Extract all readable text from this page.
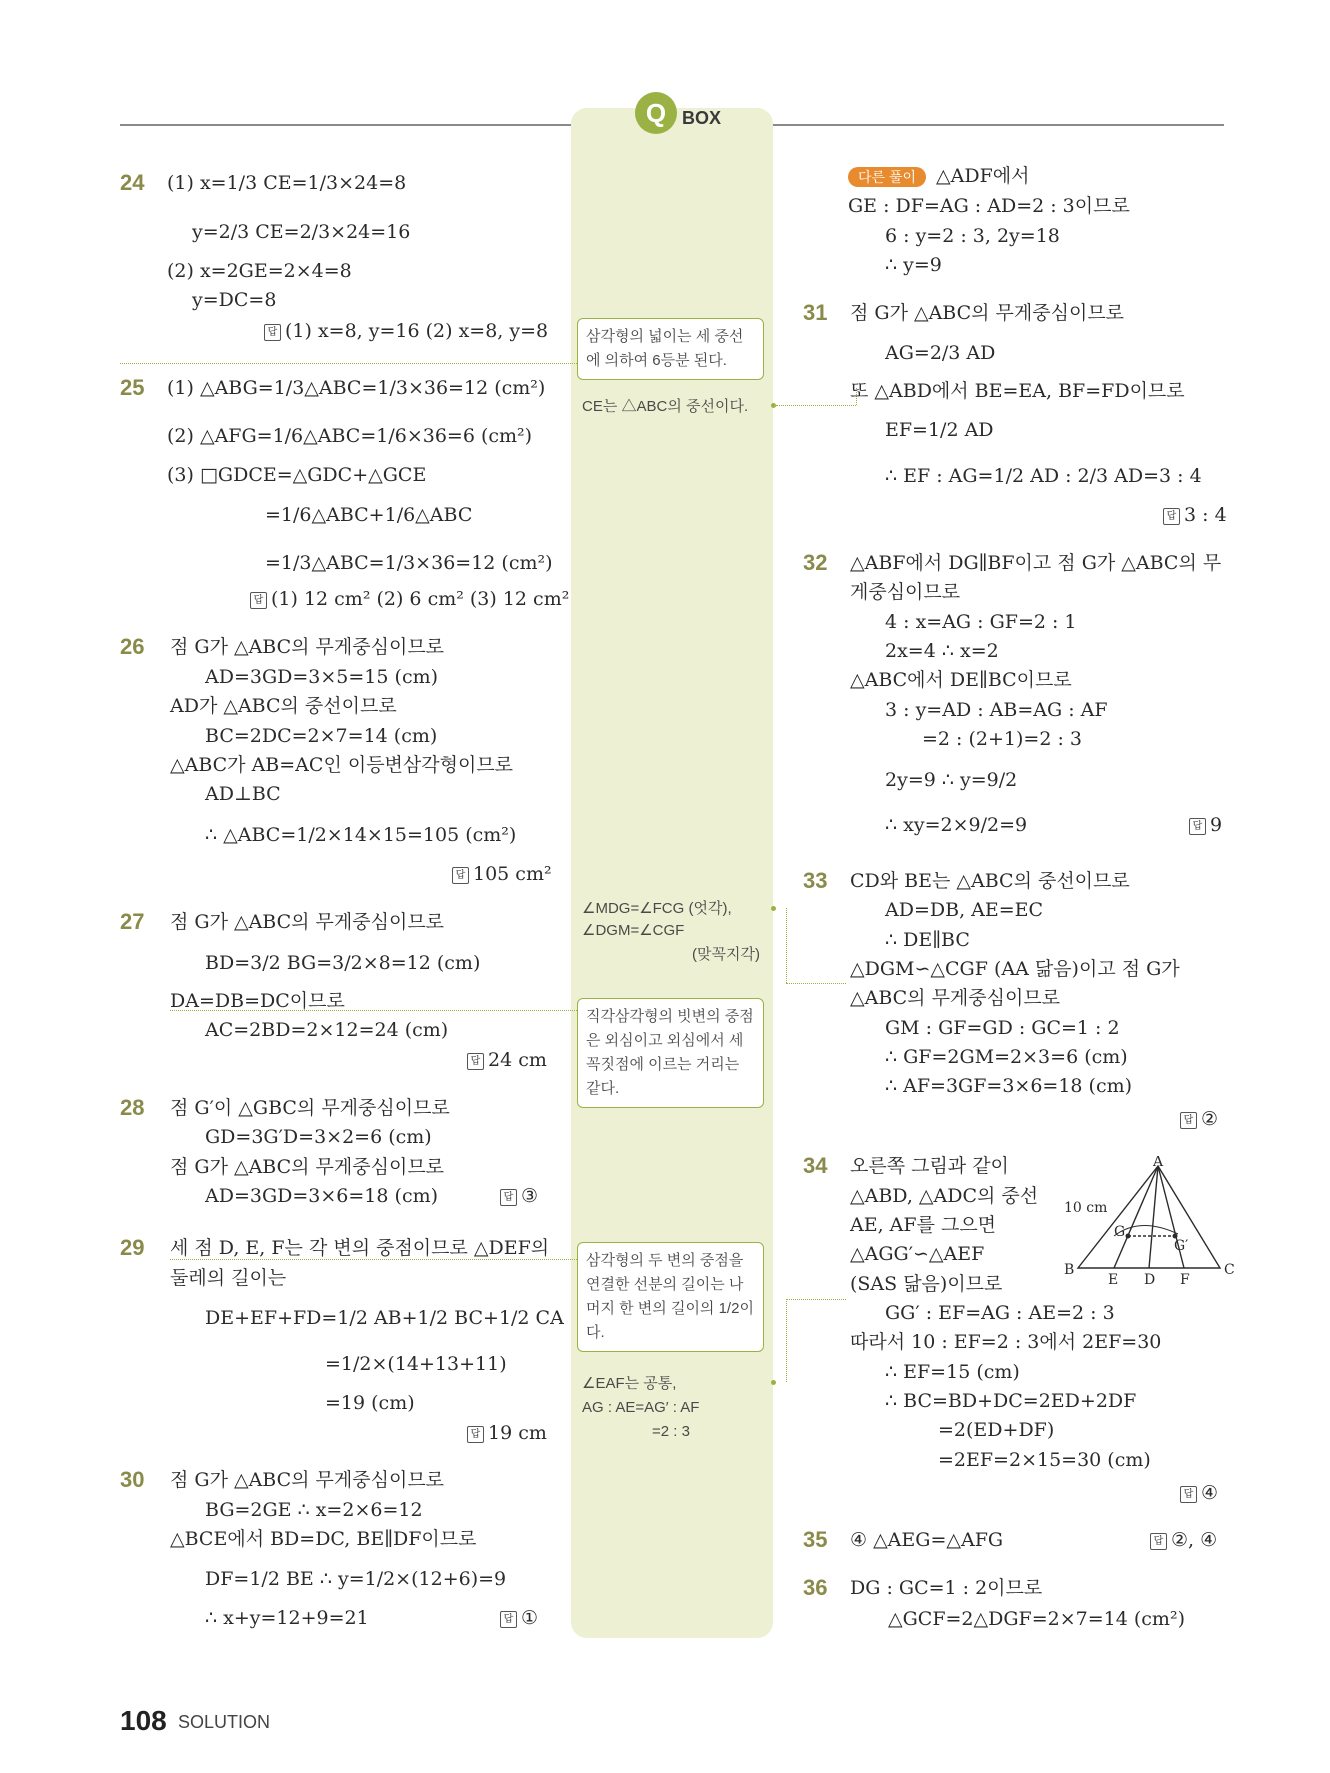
Q BOX
24 (1) x=1/3 CE=1/3×24=8
y=2/3 CE=2/3×24=16
(2) x=2GE=2×4=8
y=DC=8
답 (1) x=8, y=16 (2) x=8, y=8
25 (1) △ABG=1/3△ABC=1/3×36=12 (cm²)
(2) △AFG=1/6△ABC=1/6×36=6 (cm²)
(3) □GDCE=△GDC+△GCE
=1/6△ABC+1/6△ABC
=1/3△ABC=1/3×36=12 (cm²)
답 (1) 12 cm² (2) 6 cm² (3) 12 cm²
26 점 G가 △ABC의 무게중심이므로
AD=3GD=3×5=15 (cm)
AD가 △ABC의 중선이므로
BC=2DC=2×7=14 (cm)
△ABC가 AB=AC인 이등변삼각형이므로
AD⊥BC
∴ △ABC=1/2×14×15=105 (cm²)
답 105 cm²
27 점 G가 △ABC의 무게중심이므로
BD=3/2 BG=3/2×8=12 (cm)
DA=DB=DC이므로
AC=2BD=2×12=24 (cm)
답 24 cm
28 점 G′이 △GBC의 무게중심이므로
GD=3G′D=3×2=6 (cm)
점 G가 △ABC의 무게중심이므로
AD=3GD=3×6=18 (cm)	답 ③
29 세 점 D, E, F는 각 변의 중점이므로 △DEF의
둘레의 길이는
DE+EF+FD=1/2 AB+1/2 BC+1/2 CA
=1/2×(14+13+11)
=19 (cm)
답 19 cm
30 점 G가 △ABC의 무게중심이므로
BG=2GE ∴ x=2×6=12
△BCE에서 BD=DC, BE∥DF이므로
DF=1/2 BE ∴ y=1/2×(12+6)=9
∴ x+y=12+9=21	답 ①
삼각형의 넓이는 세 중선에 의하여 6등분 된다.
CE는 △ABC의 중선이다.
∠MDG=∠FCG (엇각), ∠DGM=∠CGF
(맞꼭지각)
직각삼각형의 빗변의 중점은 외심이고 외심에서 세 꼭짓점에 이르는 거리는 같다.
삼각형의 두 변의 중점을 연결한 선분의 길이는 나머지 한 변의 길이의 1/2이다.
∠EAF는 공통,
AG : AE=AG′ : AF
=2 : 3
다른 풀이 △ADF에서
GE : DF=AG : AD=2 : 3이므로
6 : y=2 : 3, 2y=18
∴ y=9
31 점 G가 △ABC의 무게중심이므로
AG=2/3 AD
또 △ABD에서 BE=EA, BF=FD이므로
EF=1/2 AD
∴ EF : AG=1/2 AD : 2/3 AD=3 : 4
답 3 : 4
32 △ABF에서 DG∥BF이고 점 G가 △ABC의 무
게중심이므로
4 : x=AG : GF=2 : 1
2x=4 ∴ x=2
△ABC에서 DE∥BC이므로
3 : y=AD : AB=AG : AF
=2 : (2+1)=2 : 3
2y=9 ∴ y=9/2
∴ xy=2×9/2=9	답 9
33 CD와 BE는 △ABC의 중선이므로
AD=DB, AE=EC
∴ DE∥BC
△DGM∽△CGF (AA 닮음)이고 점 G가
△ABC의 무게중심이므로
GM : GF=GD : GC=1 : 2
∴ GF=2GM=2×3=6 (cm)
∴ AF=3GF=3×6=18 (cm)
답 ②
34 오른쪽 그림과 같이
△ABD, △ADC의 중선
AE, AF를 그으면
△AGG′∽△AEF
(SAS 닮음)이므로
GG′ : EF=AG : AE=2 : 3
따라서 10 : EF=2 : 3에서 2EF=30
∴ EF=15 (cm)
∴ BC=BD+DC=2ED+2DF
=2(ED+DF)
=2EF=2×15=30 (cm)
답 ④
A
B	C
E D F
G
G′
10 cm
35 ④ △AEG=△AFG	답 ②, ④
36 DG : GC=1 : 2이므로
△GCF=2△DGF=2×7=14 (cm²)
108 SOLUTION
